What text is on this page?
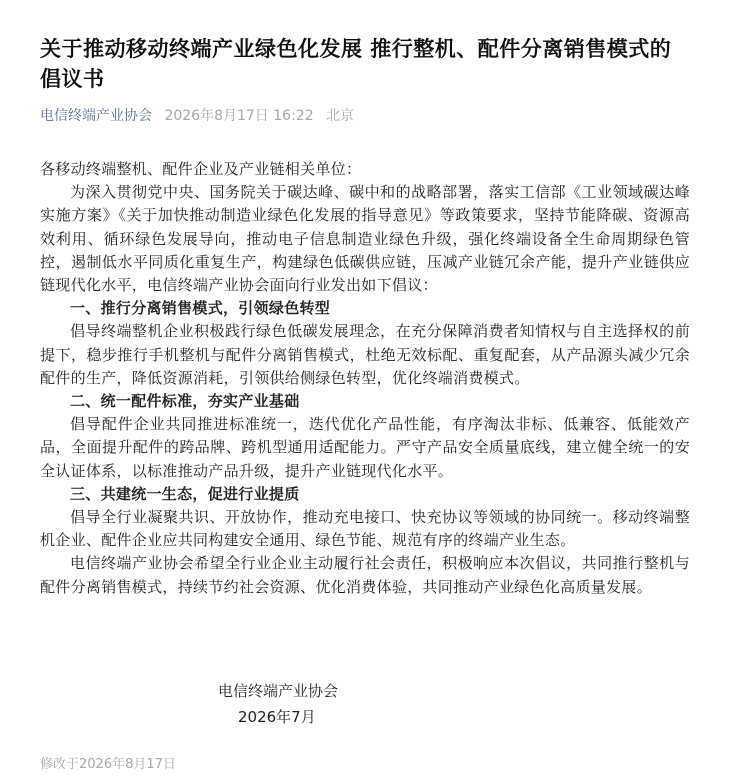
关于推动移动终端产业绿色化发展 推行整机、配件分离销售模式的倡议书
电信终端产业协会 2026年8月17日 16:22 北京

各移动终端整机、配件企业及产业链相关单位：

为深入贯彻党中央、国务院关于碳达峰、碳中和的战略部署，落实工信部《工业领域碳达峰实施方案》《关于加快推动制造业绿色化发展的指导意见》等政策要求，坚持节能降碳、资源高效利用、循环绿色发展导向，推动电子信息制造业绿色升级，强化终端设备全生命周期绿色管控，遏制低水平同质化重复生产，构建绿色低碳供应链，压减产业链冗余产能，提升产业链供应链现代化水平，电信终端产业协会面向行业发出如下倡议：

一、推行分离销售模式，引领绿色转型

倡导终端整机企业积极践行绿色低碳发展理念，在充分保障消费者知情权与自主选择权的前提下，稳步推行手机整机与配件分离销售模式，杜绝无效标配、重复配套，从产品源头减少冗余配件的生产，降低资源消耗，引领供给侧绿色转型，优化终端消费模式。

二、统一配件标准，夯实产业基础

倡导配件企业共同推进标准统一，迭代优化产品性能，有序淘汰非标、低兼容、低能效产品，全面提升配件的跨品牌、跨机型通用适配能力。严守产品安全质量底线，建立健全统一的安全认证体系，以标准推动产品升级，提升产业链现代化水平。

三、共建统一生态，促进行业提质

倡导全行业凝聚共识、开放协作，推动充电接口、快充协议等领域的协同统一。移动终端整机企业、配件企业应共同构建安全通用、绿色节能、规范有序的终端产业生态。

电信终端产业协会希望全行业企业主动履行社会责任，积极响应本次倡议，共同推行整机与配件分离销售模式，持续节约社会资源、优化消费体验，共同推动产业绿色化高质量发展。

电信终端产业协会
2026年7月
修改于2026年8月17日
